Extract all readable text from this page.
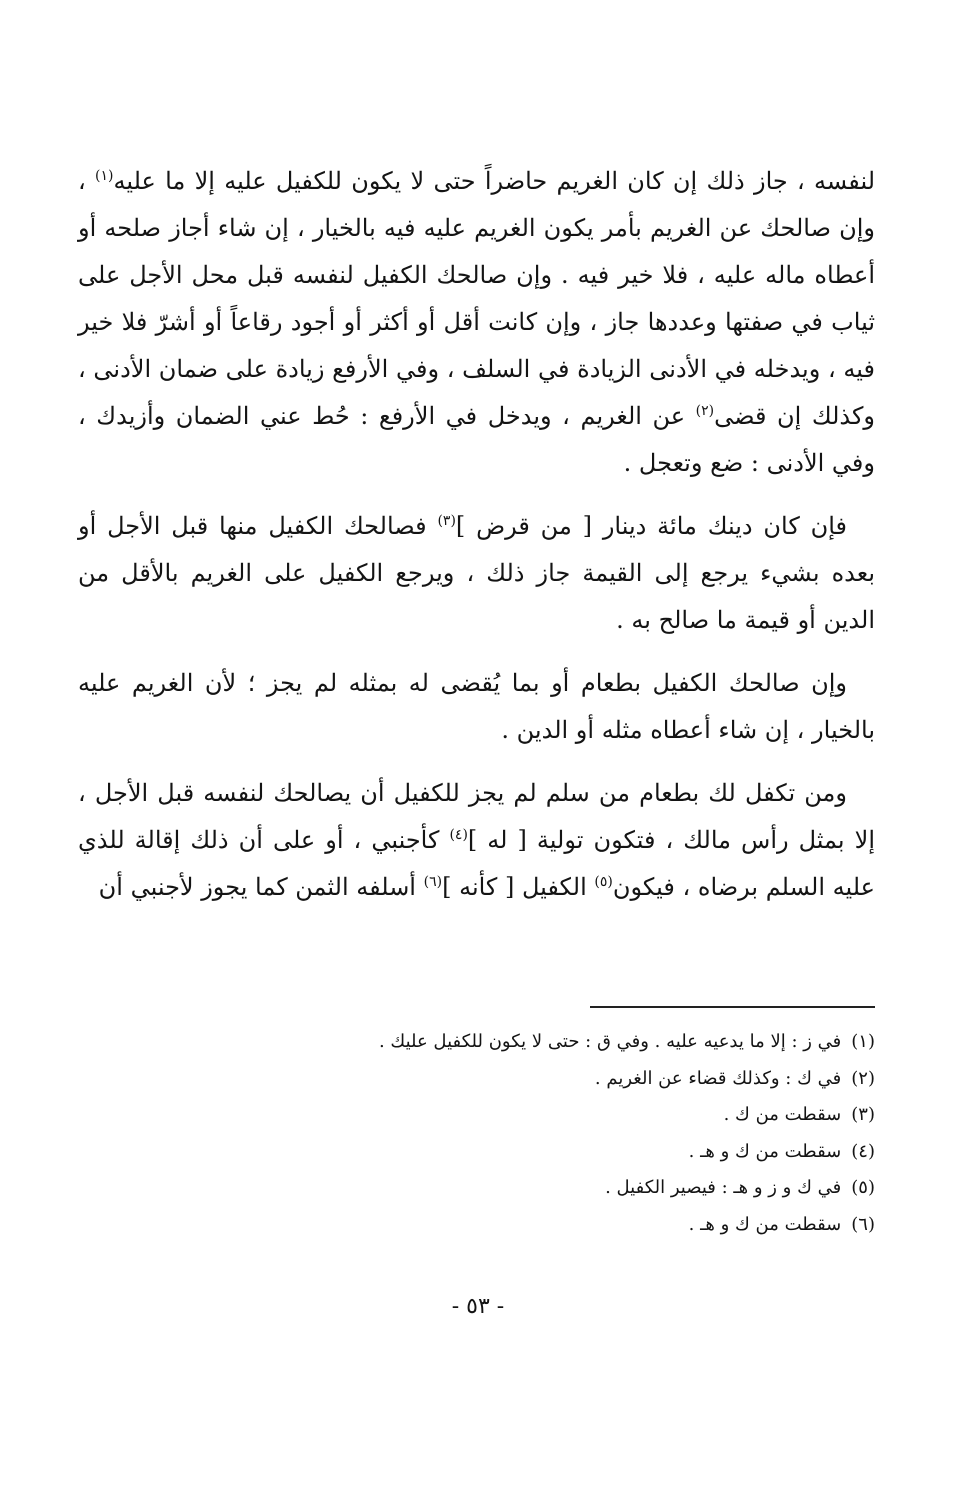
لنفسه ، جاز ذلك إن كان الغريم حاضراً حتى لا يكون للكفيل عليه إلا ما عليه$^{(١)}$ ، وإن صالحك عن الغريم بأمر يكون الغريم عليه فيه بالخيار ، إن شاء أجاز صلحه أو أعطاه ماله عليه ، فلا خير فيه . وإن صالحك الكفيل لنفسه قبل محل الأجل على ثياب في صفتها وعددها جاز ، وإن كانت أقل أو أكثر أو أجود رقاعاً أو أشرّ فلا خير فيه ، ويدخله في الأدنى الزيادة في السلف ، وفي الأرفع زيادة على ضمان الأدنى ، وكذلك إن قضى$^{(٢)}$ عن الغريم ، ويدخل في الأرفع : حُط عني الضمان وأزيدك ، وفي الأدنى : ضع وتعجل .

فإن كان دينك مائة دينار [ من قرض ]$^{(٣)}$ فصالحك الكفيل منها قبل الأجل أو بعده بشيء يرجع إلى القيمة جاز ذلك ، ويرجع الكفيل على الغريم بالأقل من الدين أو قيمة ما صالح به .

وإن صالحك الكفيل بطعام أو بما يُقضى له بمثله لم يجز ؛ لأن الغريم عليه بالخيار ، إن شاء أعطاه مثله أو الدين .

ومن تكفل لك بطعام من سلم لم يجز للكفيل أن يصالحك لنفسه قبل الأجل ، إلا بمثل رأس مالك ، فتكون تولية [ له ]$^{(٤)}$ كأجنبي ، أو على أن ذلك إقالة للذي عليه السلم برضاه ، فيكون$^{(٥)}$ الكفيل [ كأنه ]$^{(٦)}$ أسلفه الثمن كما يجوز لأجنبي أن

(١)في ز : إلا ما يدعيه عليه . وفي ق : حتى لا يكون للكفيل عليك .
(٢)في ك : وكذلك قضاء عن الغريم .
(٣)سقطت من ك .
(٤)سقطت من ك و هـ .
(٥)في ك و ز و هـ : فيصير الكفيل .
(٦)سقطت من ك و هـ .
- ٥٣ -
